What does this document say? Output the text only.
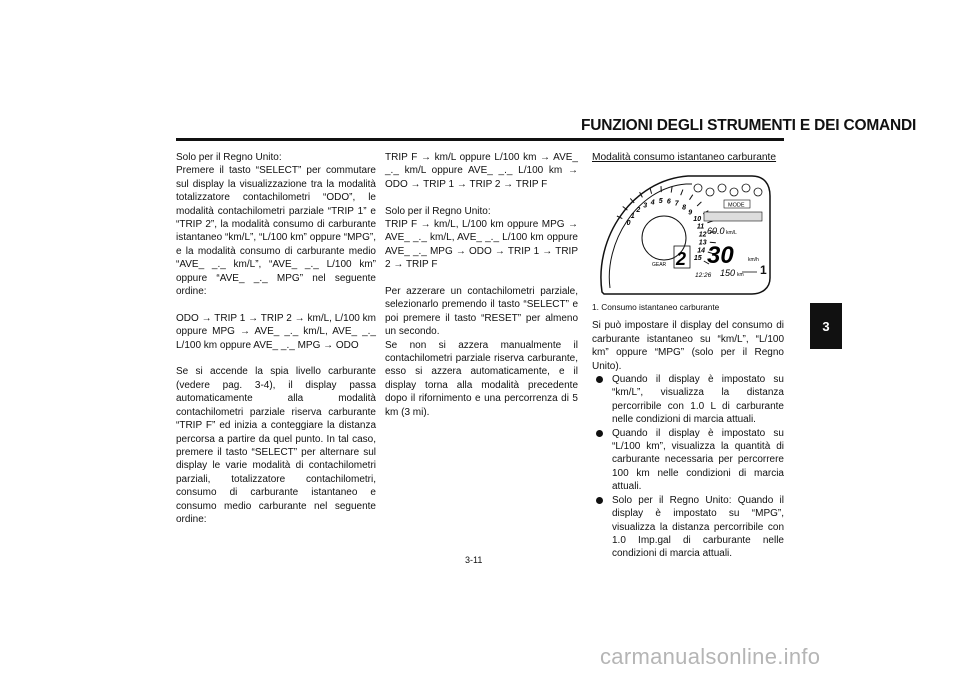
FUNZIONI DEGLI STRUMENTI E DEI COMANDI
3

Solo per il Regno Unito:
Premere il tasto “SELECT” per commutare sul display la visualizzazione tra la modalità totalizzatore contachilometri “ODO”, le modalità contachilometri parziale “TRIP 1” e “TRIP 2”, la modalità consumo di carburante istantaneo “km/L”, “L/100 km” oppure “MPG”, e la modalità consumo di carburante medio “AVE_ _._ km/L”, “AVE_ _._ L/100 km” oppure “AVE_ _._ MPG” nel seguente ordine:

ODO → TRIP 1 → TRIP 2 → km/L, L/100 km oppure MPG → AVE_ _._ km/L, AVE_ _._ L/100 km oppure AVE_ _._ MPG → ODO

Se si accende la spia livello carburante (vedere pag. 3-4), il display passa automaticamente alla modalità contachilometri parziale riserva carburante “TRIP F” ed inizia a conteggiare la distanza percorsa a partire da quel punto. In tal caso, premere il tasto “SELECT” per alternare sul display le varie modalità di contachilometri parziali, totalizzatore contachilometri, consumo di carburante istantaneo e consumo medio carburante nel seguente ordine:

TRIP F → km/L oppure L/100 km → AVE_ _._ km/L oppure AVE_ _._ L/100 km → ODO → TRIP 1 → TRIP 2 → TRIP F

Solo per il Regno Unito:
TRIP F → km/L, L/100 km oppure MPG → AVE_ _._ km/L, AVE_ _._ L/100 km oppure AVE_ _._ MPG → ODO → TRIP 1 → TRIP 2 → TRIP F

Per azzerare un contachilometri parziale, selezionarlo premendo il tasto “SELECT” e poi premere il tasto “RESET” per almeno un secondo.
Se non si azzera manualmente il contachilometri parziale riserva carburante, esso si azzera automaticamente, e il display torna alla modalità precedente dopo il rifornimento e una percorrenza di 5 km (3 mi).

Modalità consumo istantaneo carburante

0
1
2
3 4 5 6 7
8
9
10
11
12
13
14
15
GEAR 2
MODE
60.0 km/L
30	km/h
12:26 150 km 1

1. Consumo istantaneo carburante

Si può impostare il display del consumo di carburante istantaneo su “km/L”, “L/100 km” oppure “MPG” (solo per il Regno Unito).

Quando il display è impostato su “km/L”, visualizza la distanza percorribile con 1.0 L di carburante nelle condizioni di marcia attuali.
Quando il display è impostato su “L/100 km”, visualizza la quantità di carburante necessaria per percorrere 100 km nelle condizioni di marcia attuali.
Solo per il Regno Unito: Quando il display è impostato su “MPG”, visualizza la distanza percorribile con 1.0 Imp.gal di carburante nelle condizioni di marcia attuali.
3-11
carmanualsonline.info
